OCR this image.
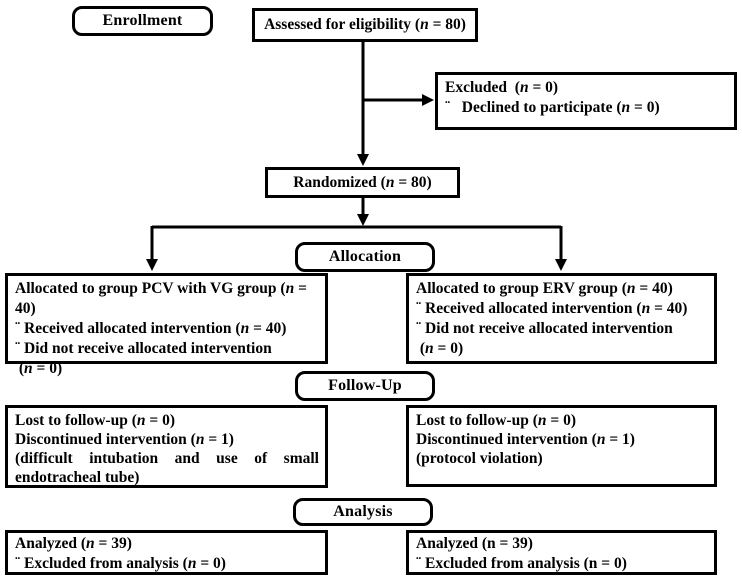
Enrollment
Allocation
Follow-Up
Analysis

Assessed for eligibility (n = 80)

Excluded  (n = 0)

¨   Declined to participate (n = 0)

Randomized (n = 80)

Allocated to group PCV with VG group (n = 40)

¨ Received allocated intervention (n = 40)

¨ Did not receive allocated intervention

(n = 0)

Allocated to group ERV group (n = 40)

¨ Received allocated intervention (n = 40)

¨ Did not receive allocated intervention

(n = 0)

Lost to follow-up (n = 0)

Discontinued intervention (n = 1)

(difficult intubation and use of small endotracheal tube)

Lost to follow-up (n = 0)

Discontinued intervention (n = 1)

(protocol violation)

Analyzed (n = 39)

¨ Excluded from analysis (n = 0)

Analyzed (n = 39)

¨ Excluded from analysis (n = 0)
